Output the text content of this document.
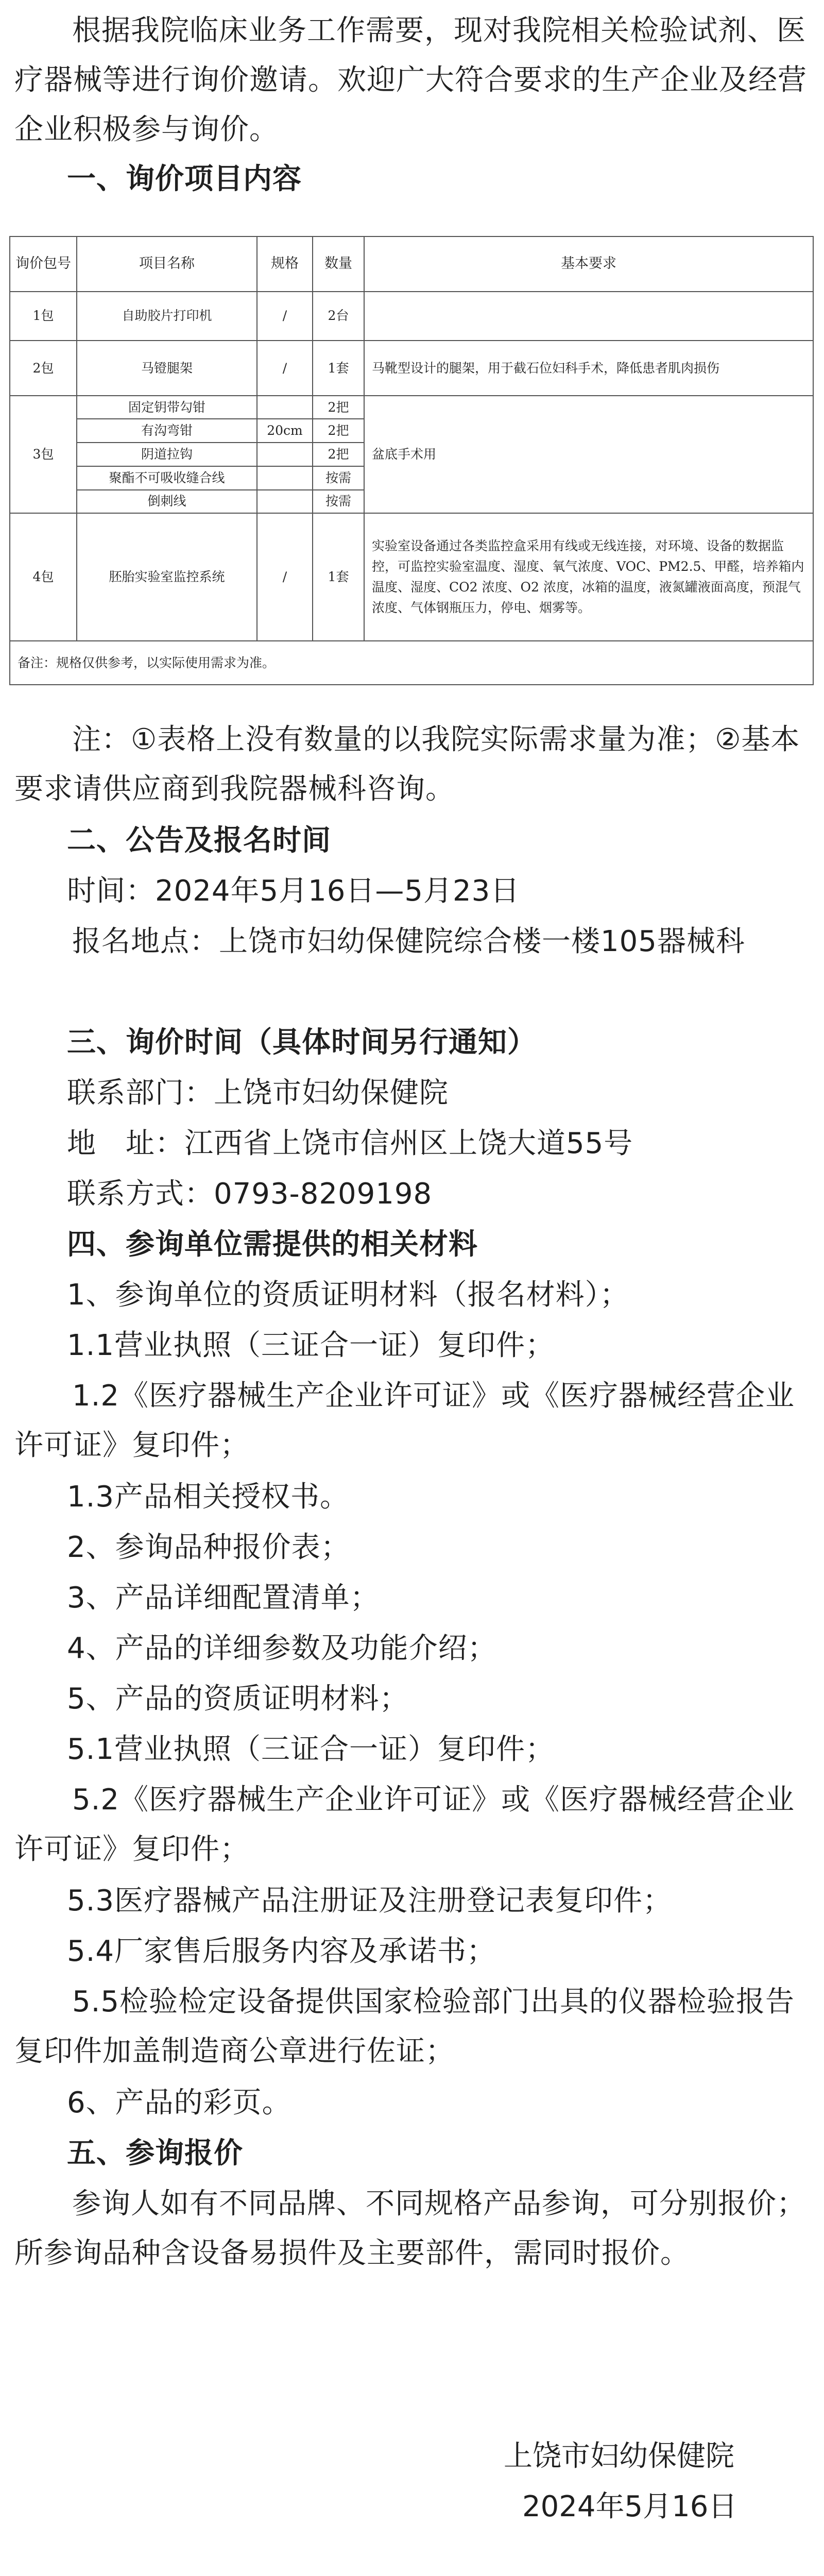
根据我院临床业务工作需要，现对我院相关检验试剂、医疗器械等进行询价邀请。欢迎广大符合要求的生产企业及经营企业积极参与询价。

一、询价项目内容

询价包号	项目名称	规格	数量	基本要求
1包	自助胶片打印机	/	2台	
2包	马镫腿架	/	1套	马靴型设计的腿架，用于截石位妇科手术，降低患者肌肉损伤
3包	固定钥带勾钳		2把	盆底手术用
	有沟弯钳	20cm	2把	
	阴道拉钩		2把	
	聚酯不可吸收缝合线		按需	
	倒刺线		按需	
4包	胚胎实验室监控系统	/	1套	实验室设备通过各类监控盒采用有线或无线连接，对环境、设备的数据监控，可监控实验室温度、湿度、氧气浓度、VOC、PM2.5、甲醛，培养箱内温度、湿度、CO2 浓度、O2 浓度，冰箱的温度，液氮罐液面高度，预混气浓度、气体钢瓶压力，停电、烟雾等。
备注：规格仅供参考，以实际使用需求为准。				

注：①表格上没有数量的以我院实际需求量为准；②基本要求请供应商到我院器械科咨询。

二、公告及报名时间

时间：2024年5月16日—5月23日

报名地点：上饶市妇幼保健院综合楼一楼105器械科

三、询价时间（具体时间另行通知）

联系部门：上饶市妇幼保健院

地　址：江西省上饶市信州区上饶大道55号

联系方式：0793-8209198

四、参询单位需提供的相关材料

1、参询单位的资质证明材料（报名材料）；

1.1营业执照（三证合一证）复印件；

1.2《医疗器械生产企业许可证》或《医疗器械经营企业许可证》复印件；

1.3产品相关授权书。

2、参询品种报价表；

3、产品详细配置清单；

4、产品的详细参数及功能介绍；

5、产品的资质证明材料；

5.1营业执照（三证合一证）复印件；

5.2《医疗器械生产企业许可证》或《医疗器械经营企业许可证》复印件；

5.3医疗器械产品注册证及注册登记表复印件；

5.4厂家售后服务内容及承诺书；

5.5检验检定设备提供国家检验部门出具的仪器检验报告复印件加盖制造商公章进行佐证；

6、产品的彩页。

五、参询报价

参询人如有不同品牌、不同规格产品参询，可分别报价；所参询品种含设备易损件及主要部件，需同时报价。

上饶市妇幼保健院

2024年5月16日
